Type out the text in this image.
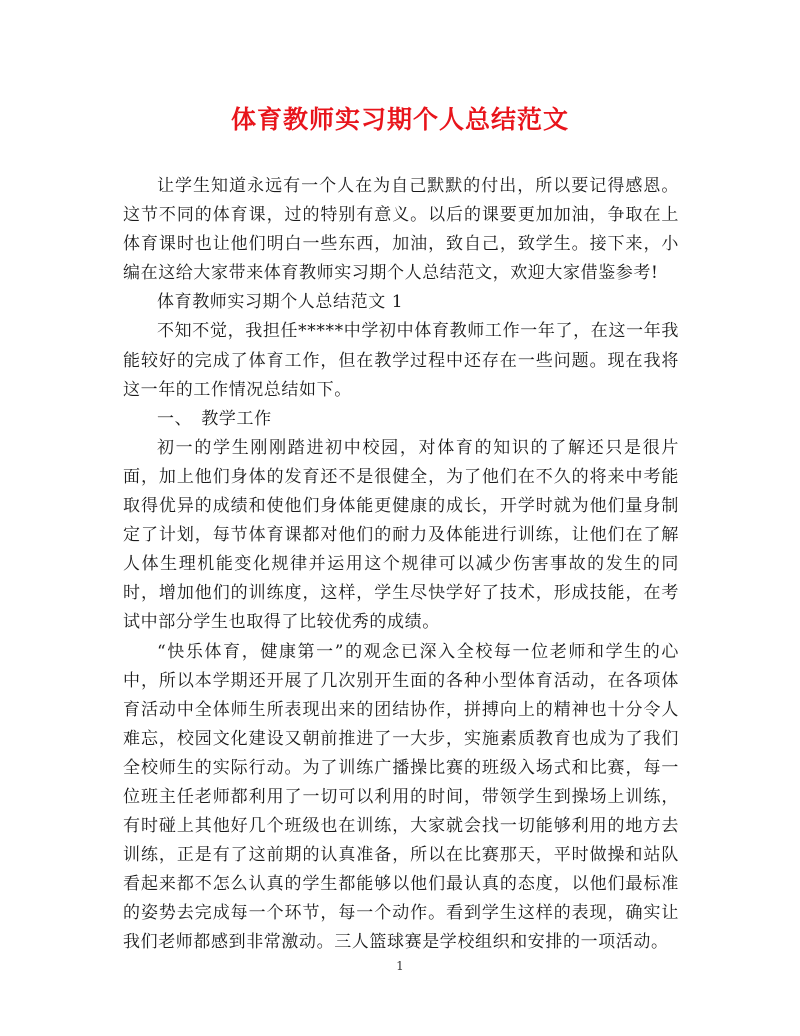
体育教师实习期个人总结范文

让学生知道永远有一个人在为自己默默的付出，所以要记得感恩。这节不同的体育课，过的特别有意义。以后的课要更加加油，争取在上体育课时也让他们明白一些东西，加油，致自己，致学生。接下来，小编在这给大家带来体育教师实习期个人总结范文，欢迎大家借鉴参考!

体育教师实习期个人总结范文 1

不知不觉，我担任*****中学初中体育教师工作一年了，在这一年我能较好的完成了体育工作，但在教学过程中还存在一些问题。现在我将这一年的工作情况总结如下。

一、　教学工作

初一的学生刚刚踏进初中校园，对体育的知识的了解还只是很片面，加上他们身体的发育还不是很健全，为了他们在不久的将来中考能取得优异的成绩和使他们身体能更健康的成长，开学时就为他们量身制定了计划，每节体育课都对他们的耐力及体能进行训练，让他们在了解人体生理机能变化规律并运用这个规律可以减少伤害事故的发生的同时，增加他们的训练度，这样，学生尽快学好了技术，形成技能，在考试中部分学生也取得了比较优秀的成绩。

“快乐体育，健康第一”的观念已深入全校每一位老师和学生的心中，所以本学期还开展了几次别开生面的各种小型体育活动，在各项体育活动中全体师生所表现出来的团结协作，拼搏向上的精神也十分令人难忘，校园文化建设又朝前推进了一大步，实施素质教育也成为了我们全校师生的实际行动。为了训练广播操比赛的班级入场式和比赛，每一位班主任老师都利用了一切可以利用的时间，带领学生到操场上训练，有时碰上其他好几个班级也在训练，大家就会找一切能够利用的地方去训练，正是有了这前期的认真准备，所以在比赛那天，平时做操和站队看起来都不怎么认真的学生都能够以他们最认真的态度，以他们最标准的姿势去完成每一个环节，每一个动作。看到学生这样的表现，确实让我们老师都感到非常激动。三人篮球赛是学校组织和安排的一项活动。

1
